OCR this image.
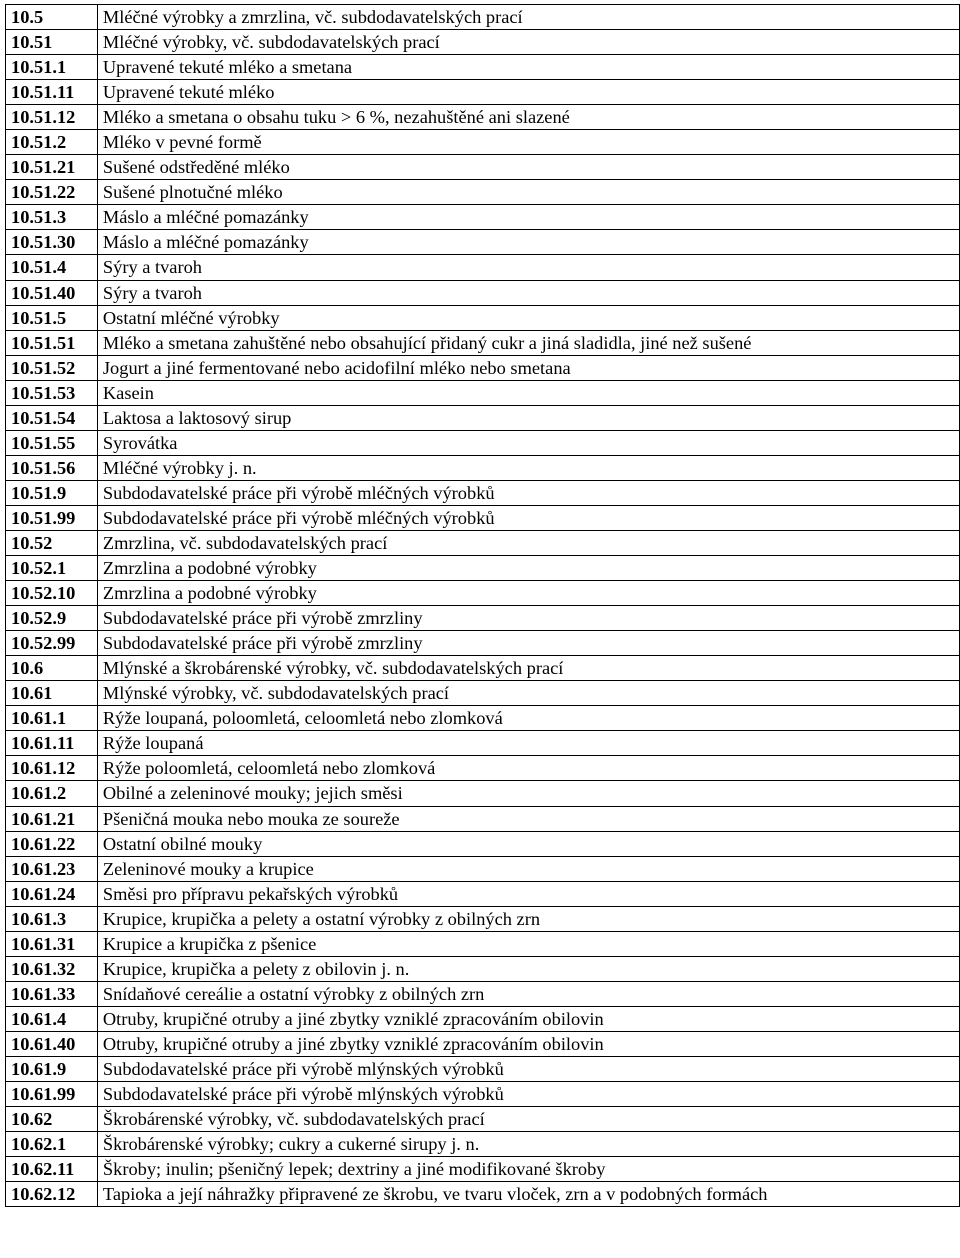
10.5	Mléčné výrobky a zmrzlina, vč. subdodavatelských prací
10.51	Mléčné výrobky, vč. subdodavatelských prací
10.51.1	Upravené tekuté mléko a smetana
10.51.11	Upravené tekuté mléko
10.51.12	Mléko a smetana o obsahu tuku > 6 %, nezahuštěné ani slazené
10.51.2	Mléko v pevné formě
10.51.21	Sušené odstředěné mléko
10.51.22	Sušené plnotučné mléko
10.51.3	Máslo a mléčné pomazánky
10.51.30	Máslo a mléčné pomazánky
10.51.4	Sýry a tvaroh
10.51.40	Sýry a tvaroh
10.51.5	Ostatní mléčné výrobky
10.51.51	Mléko a smetana zahuštěné nebo obsahující přidaný cukr a jiná sladidla, jiné než sušené
10.51.52	Jogurt a jiné fermentované nebo acidofilní mléko nebo smetana
10.51.53	Kasein
10.51.54	Laktosa a laktosový sirup
10.51.55	Syrovátka
10.51.56	Mléčné výrobky j. n.
10.51.9	Subdodavatelské práce při výrobě mléčných výrobků
10.51.99	Subdodavatelské práce při výrobě mléčných výrobků
10.52	Zmrzlina, vč. subdodavatelských prací
10.52.1	Zmrzlina a podobné výrobky
10.52.10	Zmrzlina a podobné výrobky
10.52.9	Subdodavatelské práce při výrobě zmrzliny
10.52.99	Subdodavatelské práce při výrobě zmrzliny
10.6	Mlýnské a škrobárenské výrobky, vč. subdodavatelských prací
10.61	Mlýnské výrobky, vč. subdodavatelských prací
10.61.1	Rýže loupaná, poloomletá, celoomletá nebo zlomková
10.61.11	Rýže loupaná
10.61.12	Rýže poloomletá, celoomletá nebo zlomková
10.61.2	Obilné a zeleninové mouky; jejich směsi
10.61.21	Pšeničná mouka nebo mouka ze soureže
10.61.22	Ostatní obilné mouky
10.61.23	Zeleninové mouky a krupice
10.61.24	Směsi pro přípravu pekařských výrobků
10.61.3	Krupice, krupička a pelety a ostatní výrobky z obilných zrn
10.61.31	Krupice a krupička z pšenice
10.61.32	Krupice, krupička a pelety z obilovin j. n.
10.61.33	Snídaňové cereálie a ostatní výrobky z obilných zrn
10.61.4	Otruby, krupičné otruby a jiné zbytky vzniklé zpracováním obilovin
10.61.40	Otruby, krupičné otruby a jiné zbytky vzniklé zpracováním obilovin
10.61.9	Subdodavatelské práce při výrobě mlýnských výrobků
10.61.99	Subdodavatelské práce při výrobě mlýnských výrobků
10.62	Škrobárenské výrobky, vč. subdodavatelských prací
10.62.1	Škrobárenské výrobky; cukry a cukerné sirupy j. n.
10.62.11	Škroby; inulin; pšeničný lepek; dextriny a jiné modifikované škroby
10.62.12	Tapioka a její náhražky připravené ze škrobu, ve tvaru vloček, zrn a v podobných formách
